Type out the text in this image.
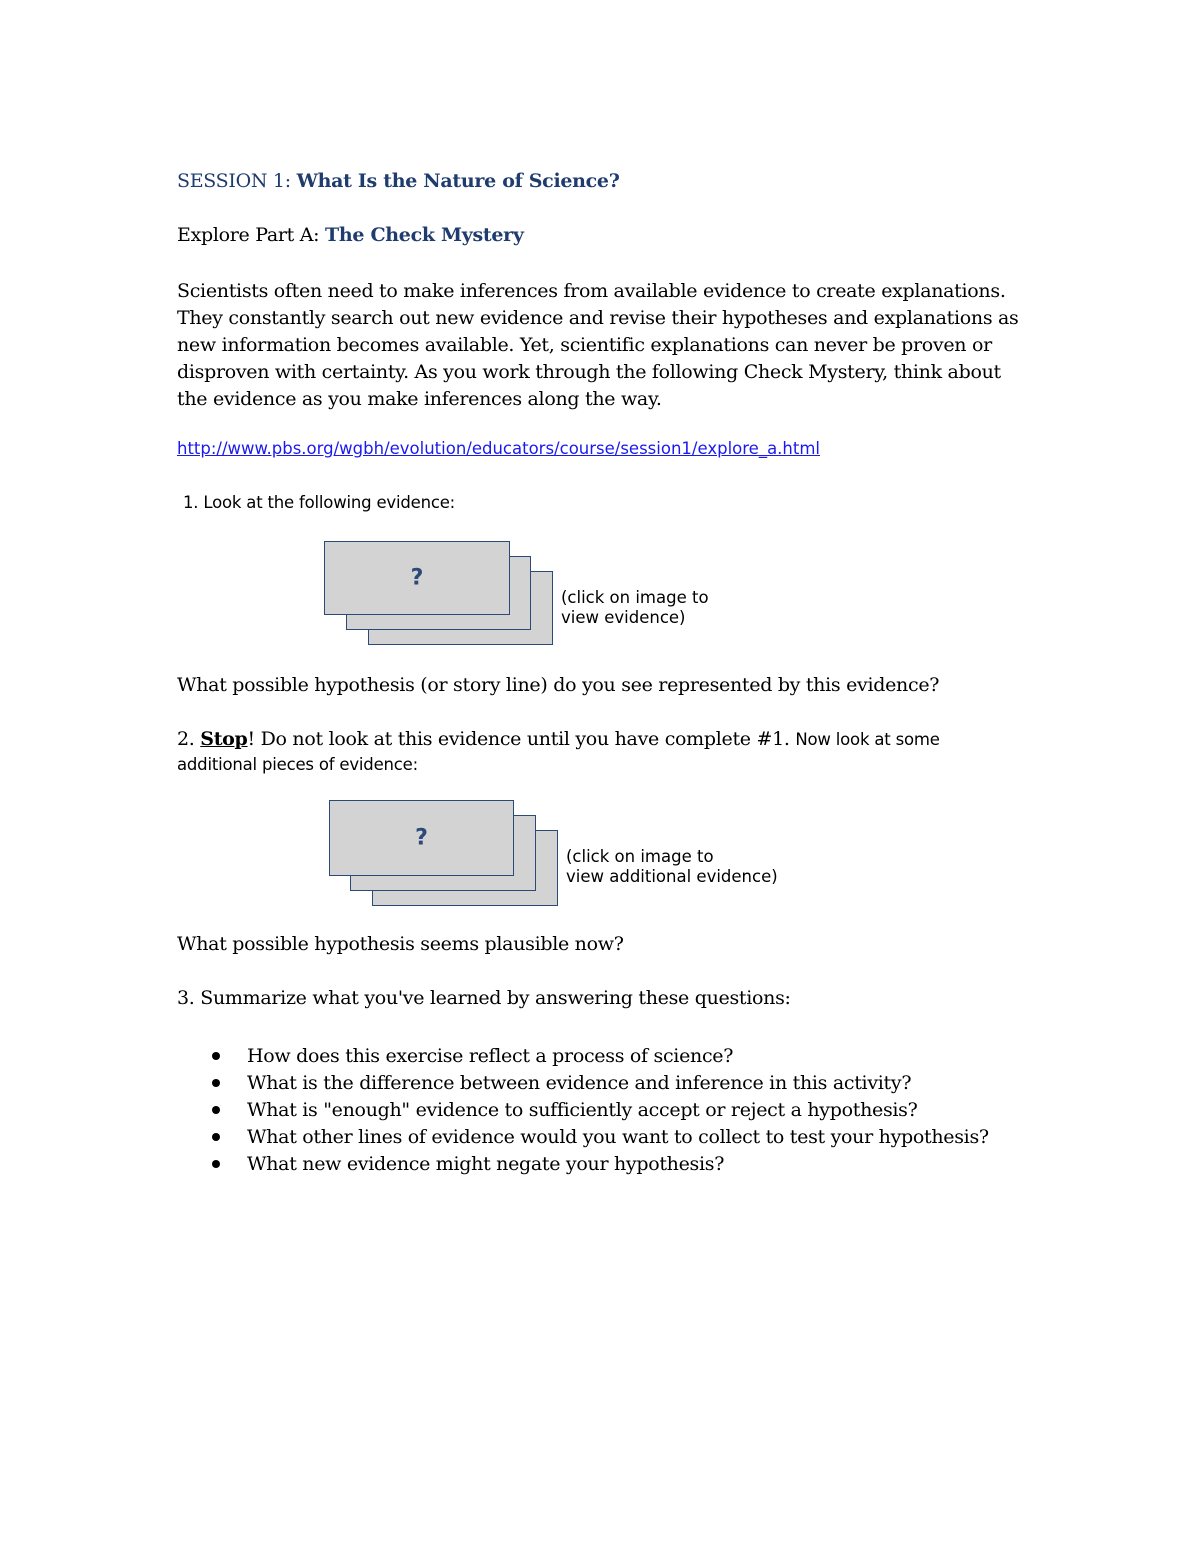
SESSION 1: What Is the Nature of Science?
Explore Part A: The Check Mystery
Scientists often need to make inferences from available evidence to create explanations.
They constantly search out new evidence and revise their hypotheses and explanations as
new information becomes available. Yet, scientific explanations can never be proven or
disproven with certainty. As you work through the following Check Mystery, think about
the evidence as you make inferences along the way.
http://www.pbs.org/wgbh/evolution/educators/course/session1/explore_a.html
1. Look at the following evidence:
?
(click on image to
view evidence)
What possible hypothesis (or story line) do you see represented by this evidence?
2. Stop! Do not look at this evidence until you have complete #1. Now look at some
additional pieces of evidence:
?
(click on image to
view additional evidence)
What possible hypothesis seems plausible now?
3. Summarize what you've learned by answering these questions:
How does this exercise reflect a process of science?
What is the difference between evidence and inference in this activity?
What is "enough" evidence to sufficiently accept or reject a hypothesis?
What other lines of evidence would you want to collect to test your hypothesis?
What new evidence might negate your hypothesis?
